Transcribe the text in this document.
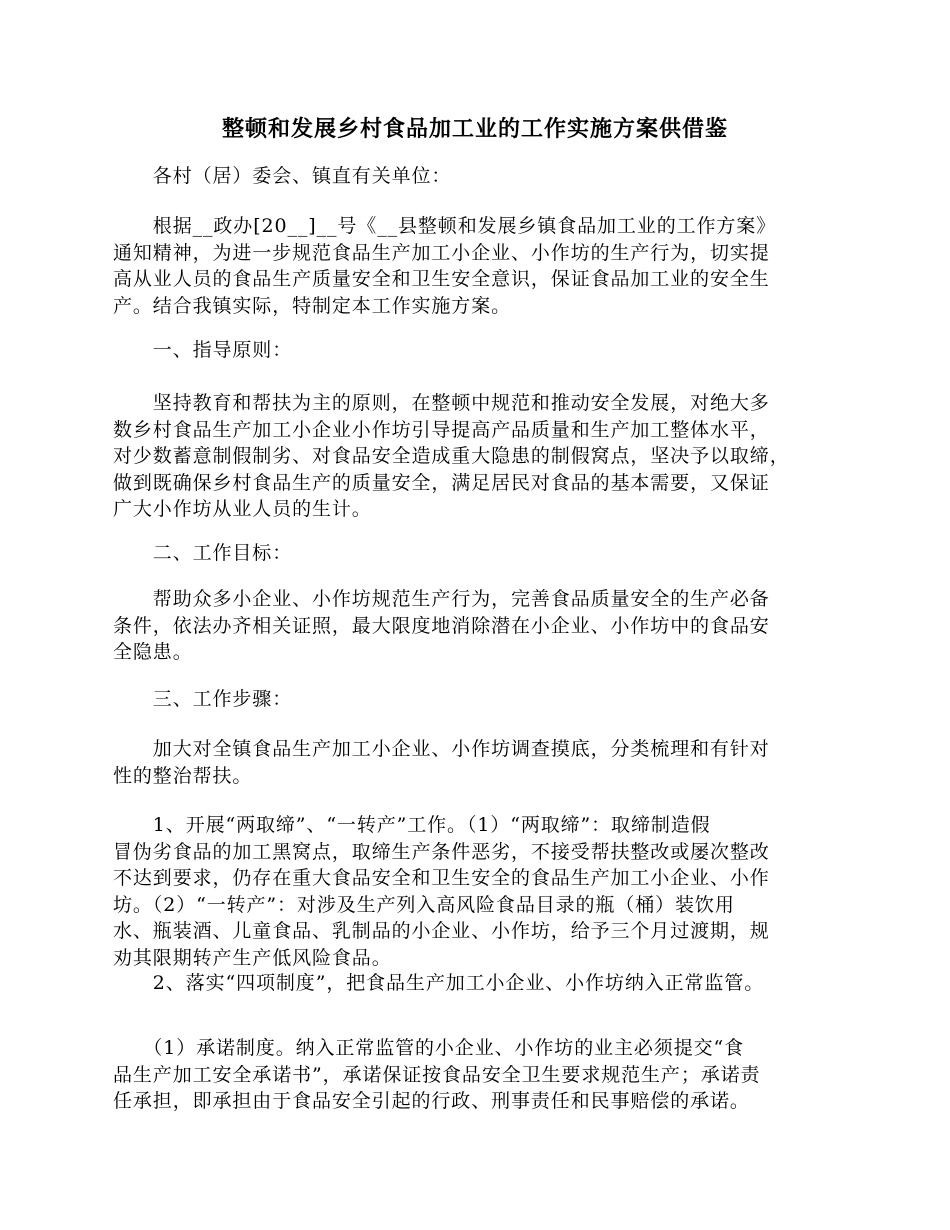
整顿和发展乡村食品加工业的工作实施方案供借鉴
　　各村（居）委会、镇直有关单位：
　　根据__政办[20__]__号《__县整顿和发展乡镇食品加工业的工作方案》
通知精神，为进一步规范食品生产加工小企业、小作坊的生产行为，切实提
高从业人员的食品生产质量安全和卫生安全意识，保证食品加工业的安全生
产。结合我镇实际，特制定本工作实施方案。
　　一、指导原则：
　　坚持教育和帮扶为主的原则，在整顿中规范和推动安全发展，对绝大多
数乡村食品生产加工小企业小作坊引导提高产品质量和生产加工整体水平，
对少数蓄意制假制劣、对食品安全造成重大隐患的制假窝点，坚决予以取缔，
做到既确保乡村食品生产的质量安全，满足居民对食品的基本需要，又保证
广大小作坊从业人员的生计。
　　二、工作目标：
　　帮助众多小企业、小作坊规范生产行为，完善食品质量安全的生产必备
条件，依法办齐相关证照，最大限度地消除潜在小企业、小作坊中的食品安
全隐患。
　　三、工作步骤：
　　加大对全镇食品生产加工小企业、小作坊调查摸底，分类梳理和有针对
性的整治帮扶。
　　1、开展“两取缔”、“一转产”工作。（1）“两取缔”：取缔制造假
冒伪劣食品的加工黑窝点，取缔生产条件恶劣，不接受帮扶整改或屡次整改
不达到要求，仍存在重大食品安全和卫生安全的食品生产加工小企业、小作
坊。（2）“一转产”：对涉及生产列入高风险食品目录的瓶（桶）装饮用
水、瓶装酒、儿童食品、乳制品的小企业、小作坊，给予三个月过渡期，规
劝其限期转产生产低风险食品。
　　2、落实“四项制度”，把食品生产加工小企业、小作坊纳入正常监管。
　　（1）承诺制度。纳入正常监管的小企业、小作坊的业主必须提交“食
品生产加工安全承诺书”，承诺保证按食品安全卫生要求规范生产；承诺责
任承担，即承担由于食品安全引起的行政、刑事责任和民事赔偿的承诺。
